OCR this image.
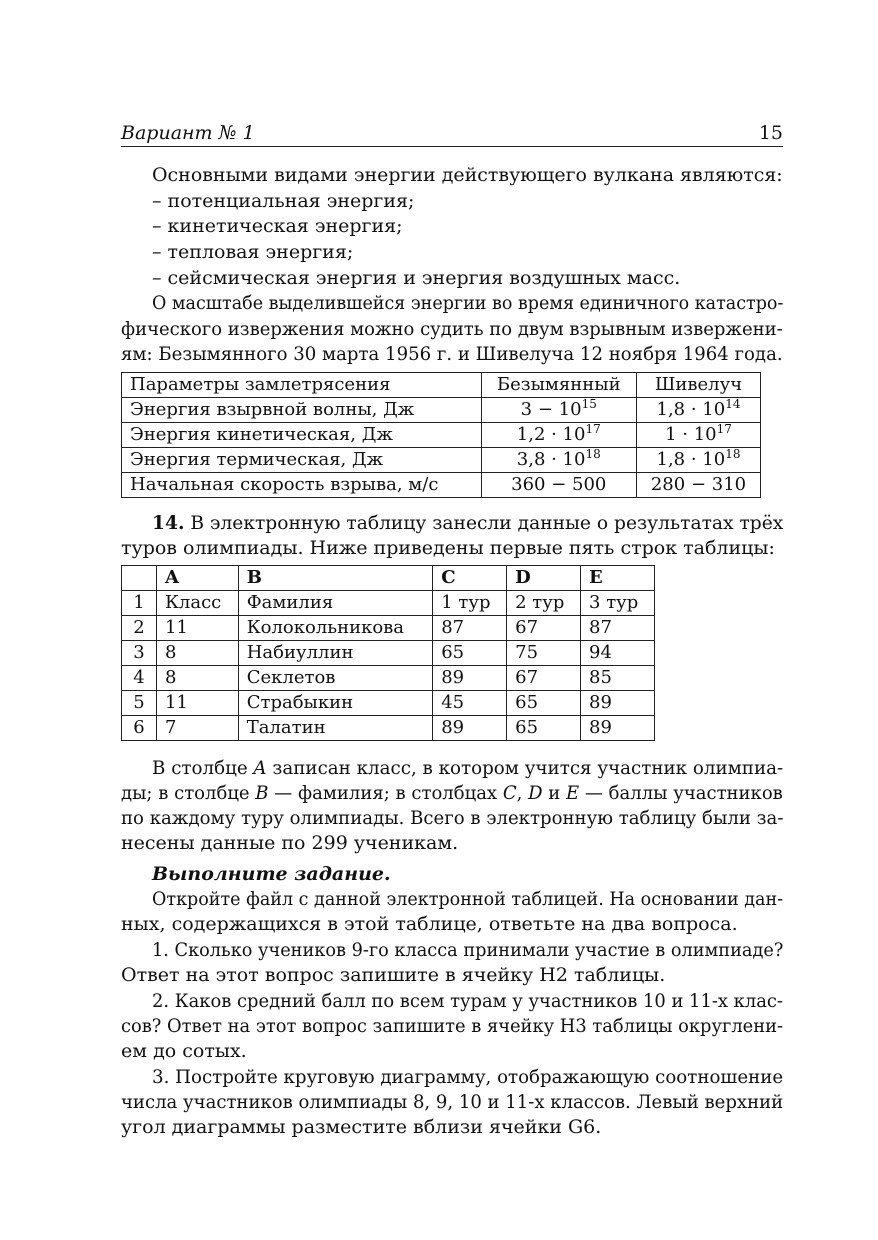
Вариант № 1	15
Основными видами энергии действующего вулкана являются:
– потенциальная энергия;
– кинетическая энергия;
– тепловая энергия;
– сейсмическая энергия и энергия воздушных масс.
О масштабе выделившейся энергии во время единичного катастро-
фического извержения можно судить по двум взрывным извержени-
ям: Безымянного 30 марта 1956 г. и Шивелуча 12 ноября 1964 года.
Параметры замлетрясения	Безымянный	Шивелуч
Энергия взырвной волны, Дж	$3 - 10^{15}$	$1,8 \cdot 10^{14}$
Энергия кинетическая, Дж	$1,2 \cdot 10^{17}$	$1 \cdot 10^{17}$
Энергия термическая, Дж	$3,8 \cdot 10^{18}$	$1,8 \cdot 10^{18}$
Начальная скорость взрыва, м/с	360 − 500	280 − 310
14. В электронную таблицу занесли данные о результатах трёх
туров олимпиады. Ниже приведены первые пять строк таблицы:
	A	B	C	D	E
1	Класс	Фамилия	1 тур	2 тур	3 тур
2	11	Колокольникова	87	67	87
3	8	Набиуллин	65	75	94
4	8	Секлетов	89	67	85
5	11	Страбыкин	45	65	89
6	7	Талатин	89	65	89
В столбце A записан класс, в котором учится участник олимпиа-
ды; в столбце B — фамилия; в столбцах C, D и E — баллы участников
по каждому туру олимпиады. Всего в электронную таблицу были за-
несены данные по 299 ученикам.
Выполните задание.
Откройте файл с данной электронной таблицей. На основании дан-
ных, содержащихся в этой таблице, ответьте на два вопроса.
1. Сколько учеников 9-го класса принимали участие в олимпиаде?
Ответ на этот вопрос запишите в ячейку H2 таблицы.
2. Каков средний балл по всем турам у участников 10 и 11-х клас-
сов? Ответ на этот вопрос запишите в ячейку H3 таблицы округлени-
ем до сотых.
3. Постройте круговую диаграмму, отображающую соотношение
числа участников олимпиады 8, 9, 10 и 11-х классов. Левый верхний
угол диаграммы разместите вблизи ячейки G6.
